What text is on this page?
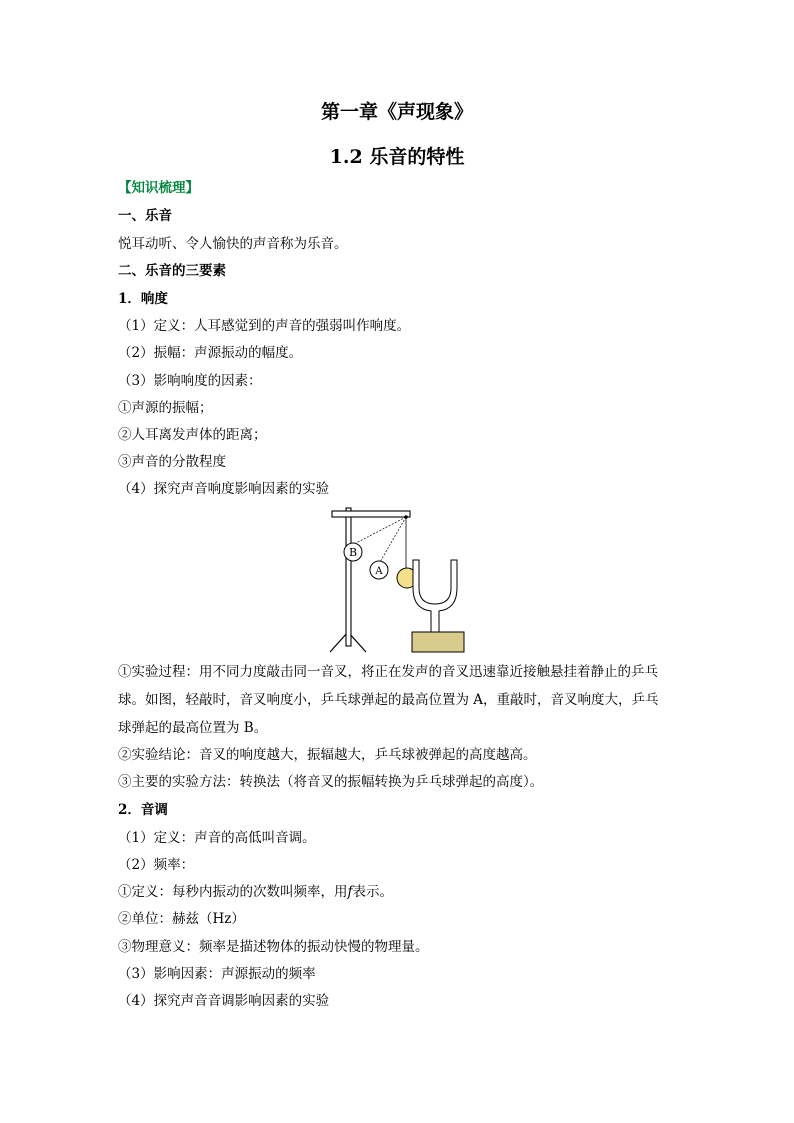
第一章《声现象》
1.2 乐音的特性
【知识梳理】
一、乐音
悦耳动听、令人愉快的声音称为乐音。
二、乐音的三要素
1．响度
（1）定义：人耳感觉到的声音的强弱叫作响度。
（2）振幅：声源振动的幅度。
（3）影响响度的因素：
①声源的振幅；
②人耳离发声体的距离；
③声音的分散程度
（4）探究声音响度影响因素的实验
B
A
①实验过程：用不同力度敲击同一音叉，将正在发声的音叉迅速靠近接触悬挂着静止的乒乓
球。如图，轻敲时，音叉响度小，乒乓球弹起的最高位置为 A，重敲时，音叉响度大，乒乓
球弹起的最高位置为 B。
②实验结论：音叉的响度越大，振辐越大，乒乓球被弹起的高度越高。
③主要的实验方法：转换法（将音叉的振幅转换为乒乓球弹起的高度）。
2．音调
（1）定义：声音的高低叫音调。
（2）频率：
①定义：每秒内振动的次数叫频率，用f表示。
②单位：赫兹（Hz）
③物理意义：频率是描述物体的振动快慢的物理量。
（3）影响因素：声源振动的频率
（4）探究声音音调影响因素的实验
